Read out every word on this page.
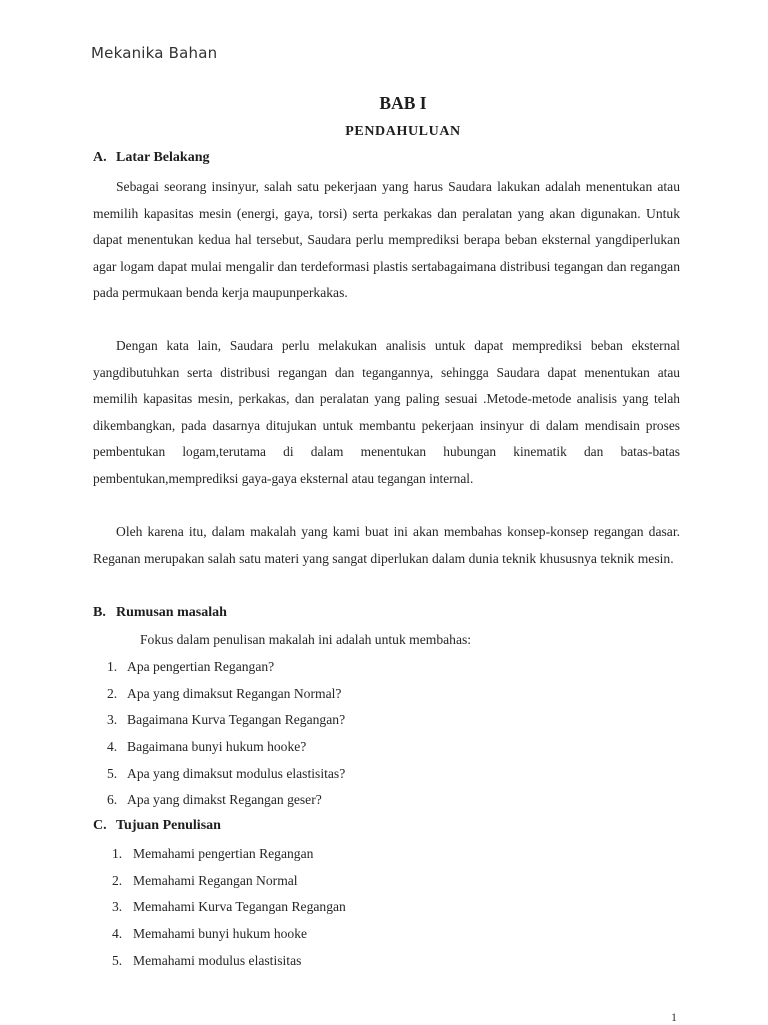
Mekanika Bahan
BAB I
PENDAHULUAN
A. Latar Belakang

Sebagai seorang insinyur, salah satu pekerjaan yang harus Saudara lakukan adalah menentukan atau memilih kapasitas mesin (energi, gaya, torsi) serta perkakas dan peralatan yang akan digunakan. Untuk dapat menentukan kedua hal tersebut, Saudara perlu memprediksi berapa beban eksternal yangdiperlukan agar logam dapat mulai mengalir dan terdeformasi plastis sertabagaimana distribusi tegangan dan regangan pada permukaan benda kerja maupunperkakas.

Dengan kata lain, Saudara perlu melakukan analisis untuk dapat memprediksi beban eksternal yangdibutuhkan serta distribusi regangan dan tegangannya, sehingga Saudara dapat menentukan atau memilih kapasitas mesin, perkakas, dan peralatan yang paling sesuai .Metode-metode analisis yang telah dikembangkan, pada dasarnya ditujukan untuk membantu pekerjaan insinyur di dalam mendisain proses pembentukan logam,terutama di dalam menentukan hubungan kinematik dan batas-batas pembentukan,memprediksi gaya-gaya eksternal atau tegangan internal.

Oleh karena itu, dalam makalah yang kami buat ini akan membahas konsep-konsep regangan dasar. Reganan merupakan salah satu materi yang sangat diperlukan dalam dunia teknik khususnya teknik mesin.

B. Rumusan masalah
Fokus dalam penulisan makalah ini adalah untuk membahas:
1. Apa pengertian Regangan?
2. Apa yang dimaksut Regangan Normal?
3. Bagaimana Kurva Tegangan Regangan?
4. Bagaimana bunyi hukum hooke?
5. Apa yang dimaksut modulus elastisitas?
6. Apa yang dimakst Regangan geser?
C. Tujuan Penulisan
1. Memahami pengertian Regangan
2. Memahami Regangan Normal
3. Memahami Kurva Tegangan Regangan
4. Memahami bunyi hukum hooke
5. Memahami modulus elastisitas
1
